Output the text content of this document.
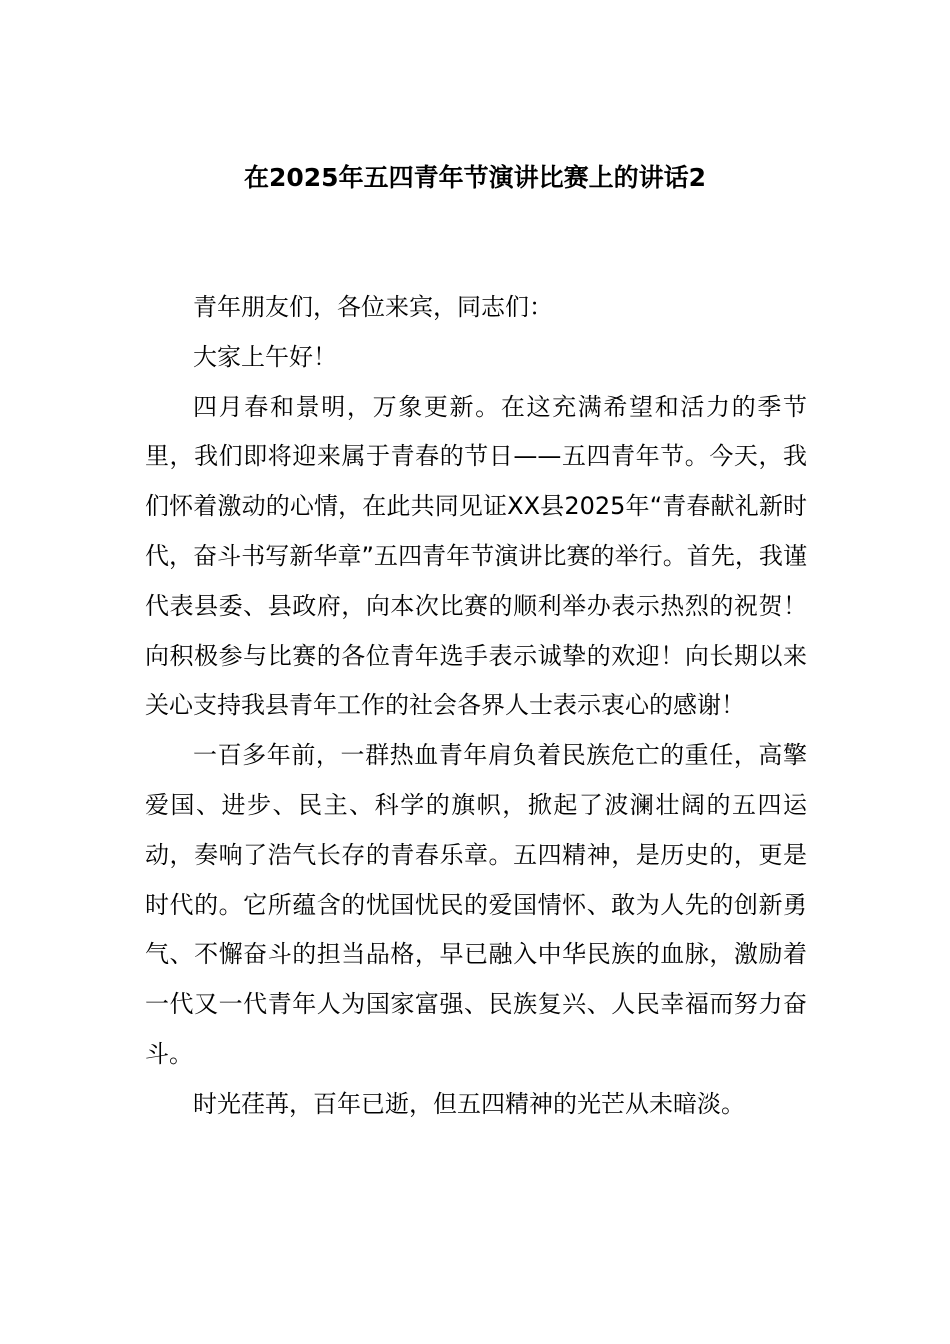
在2025年五四青年节演讲比赛上的讲话2

青年朋友们，各位来宾，同志们：

大家上午好！

四月春和景明，万象更新。在这充满希望和活力的季节里，我们即将迎来属于青春的节日——五四青年节。今天，我们怀着激动的心情，在此共同见证XX县2025年“青春献礼新时代，奋斗书写新华章”五四青年节演讲比赛的举行。首先，我谨代表县委、县政府，向本次比赛的顺利举办表示热烈的祝贺！向积极参与比赛的各位青年选手表示诚挚的欢迎！向长期以来关心支持我县青年工作的社会各界人士表示衷心的感谢！

一百多年前，一群热血青年肩负着民族危亡的重任，高擎爱国、进步、民主、科学的旗帜，掀起了波澜壮阔的五四运动，奏响了浩气长存的青春乐章。五四精神，是历史的，更是时代的。它所蕴含的忧国忧民的爱国情怀、敢为人先的创新勇气、不懈奋斗的担当品格，早已融入中华民族的血脉，激励着一代又一代青年人为国家富强、民族复兴、人民幸福而努力奋斗。

时光荏苒，百年已逝，但五四精神的光芒从未暗淡。
